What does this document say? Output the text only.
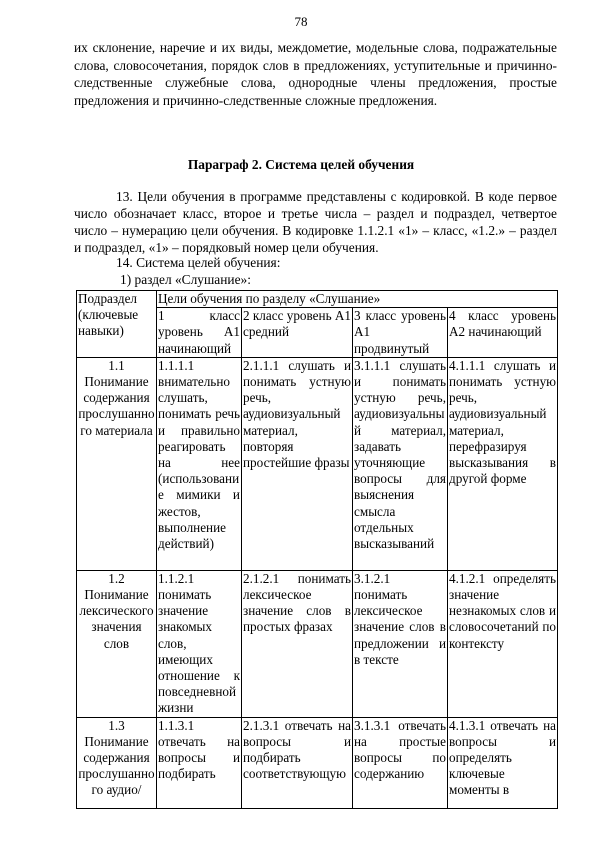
78
их склонение, наречие и их виды, междометие, модельные слова, подражательные слова, словосочетания, порядок слов в предложениях, уступительные и причинно-следственные служебные слова, однородные члены предложения, простые предложения и причинно-следственные сложные предложения.
Параграф 2. Система целей обучения
13. Цели обучения в программе представлены с кодировкой. В коде первое число обозначает класс, второе и третье числа – раздел и подраздел, четвертое число – нумерацию цели обучения. В кодировке 1.1.2.1 «1» – класс, «1.2.» – раздел и подраздел, «1» – порядковый номер цели обучения.
14. Система целей обучения:
1) раздел «Слушание»:
Подраздел (ключевые навыки)	Цели обучения по разделу «Слушание»			
	1 класс уровень А1 начинающий	2 класс уровень А1 средний	3 класс уровень А1 продвинутый	4 класс уровень А2 начинающий
1.1 Понимание содержания прослушанного материала	1.1.1.1 внимательно слушать, понимать речь и правильно реагировать на нее (использование мимики и жестов, выполнение действий)	2.1.1.1 слушать и понимать устную речь, аудиовизуальный материал, повторяя простейшие фразы	3.1.1.1 слушать и понимать устную речь, аудиовизуальный материал, задавать уточняющие вопросы для выяснения смысла отдельных высказываний	4.1.1.1 слушать и понимать устную речь, аудиовизуальный материал, перефразируя высказывания в другой форме
1.2 Понимание лексического значения слов	1.1.2.1 понимать значение знакомых слов, имеющих отношение к повседневной жизни	2.1.2.1 понимать лексическое значение слов в простых фразах	3.1.2.1 понимать лексическое значение слов в предложении и в тексте	4.1.2.1 определять значение незнакомых слов и словосочетаний по контексту
1.3 Понимание содержания прослушанного аудио/	1.1.3.1 отвечать на вопросы и подбирать	2.1.3.1 отвечать на вопросы и подбирать соответствующую	3.1.3.1 отвечать на простые вопросы по содержанию	4.1.3.1 отвечать на вопросы и определять ключевые моменты в
